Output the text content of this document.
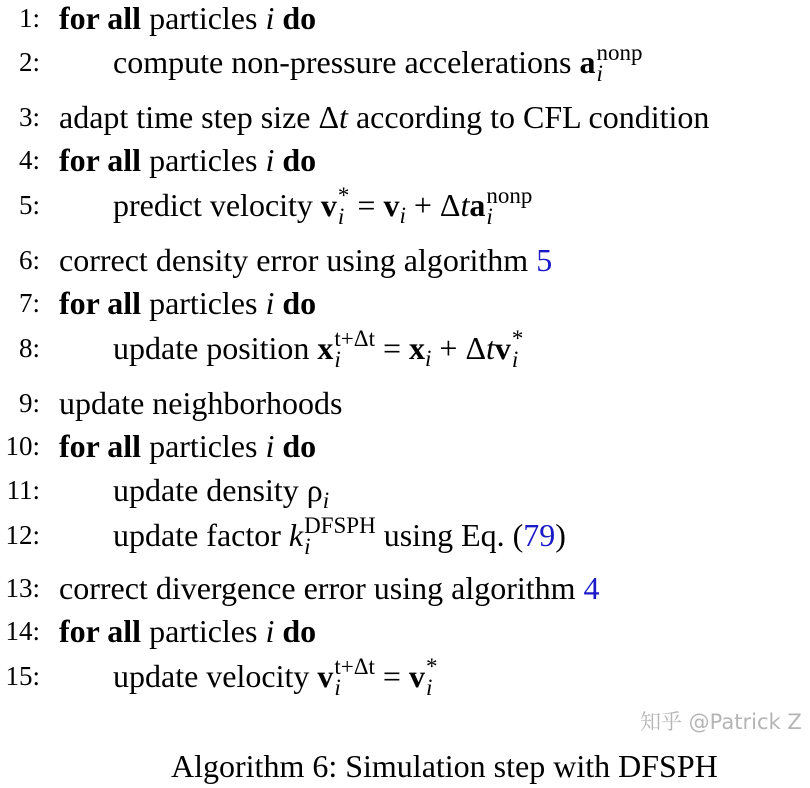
1: for all particles i do
2: compute non-pressure accelerations a nonp
i
3: adapt time step size Δt according to CFL condition
4: for all particles i do
5: predict velocity v *
$i = v_i + \Delta ta$ nonp
i
6: correct density error using algorithm 5
7: for all particles i do
8: update position x t+Δt
i	= $x_i + \Delta tv$ *
i
9: update neighborhoods
10: for all particles i do
11: update density $\rho_i$
12: update factor k DFSPH
i	using Eq. (79)
13: correct divergence error using algorithm 4
14: for all particles i do
15: update velocity v t+Δt
i	= v *
i
Algorithm 6: Simulation step with DFSPH
知乎 @Patrick Z
